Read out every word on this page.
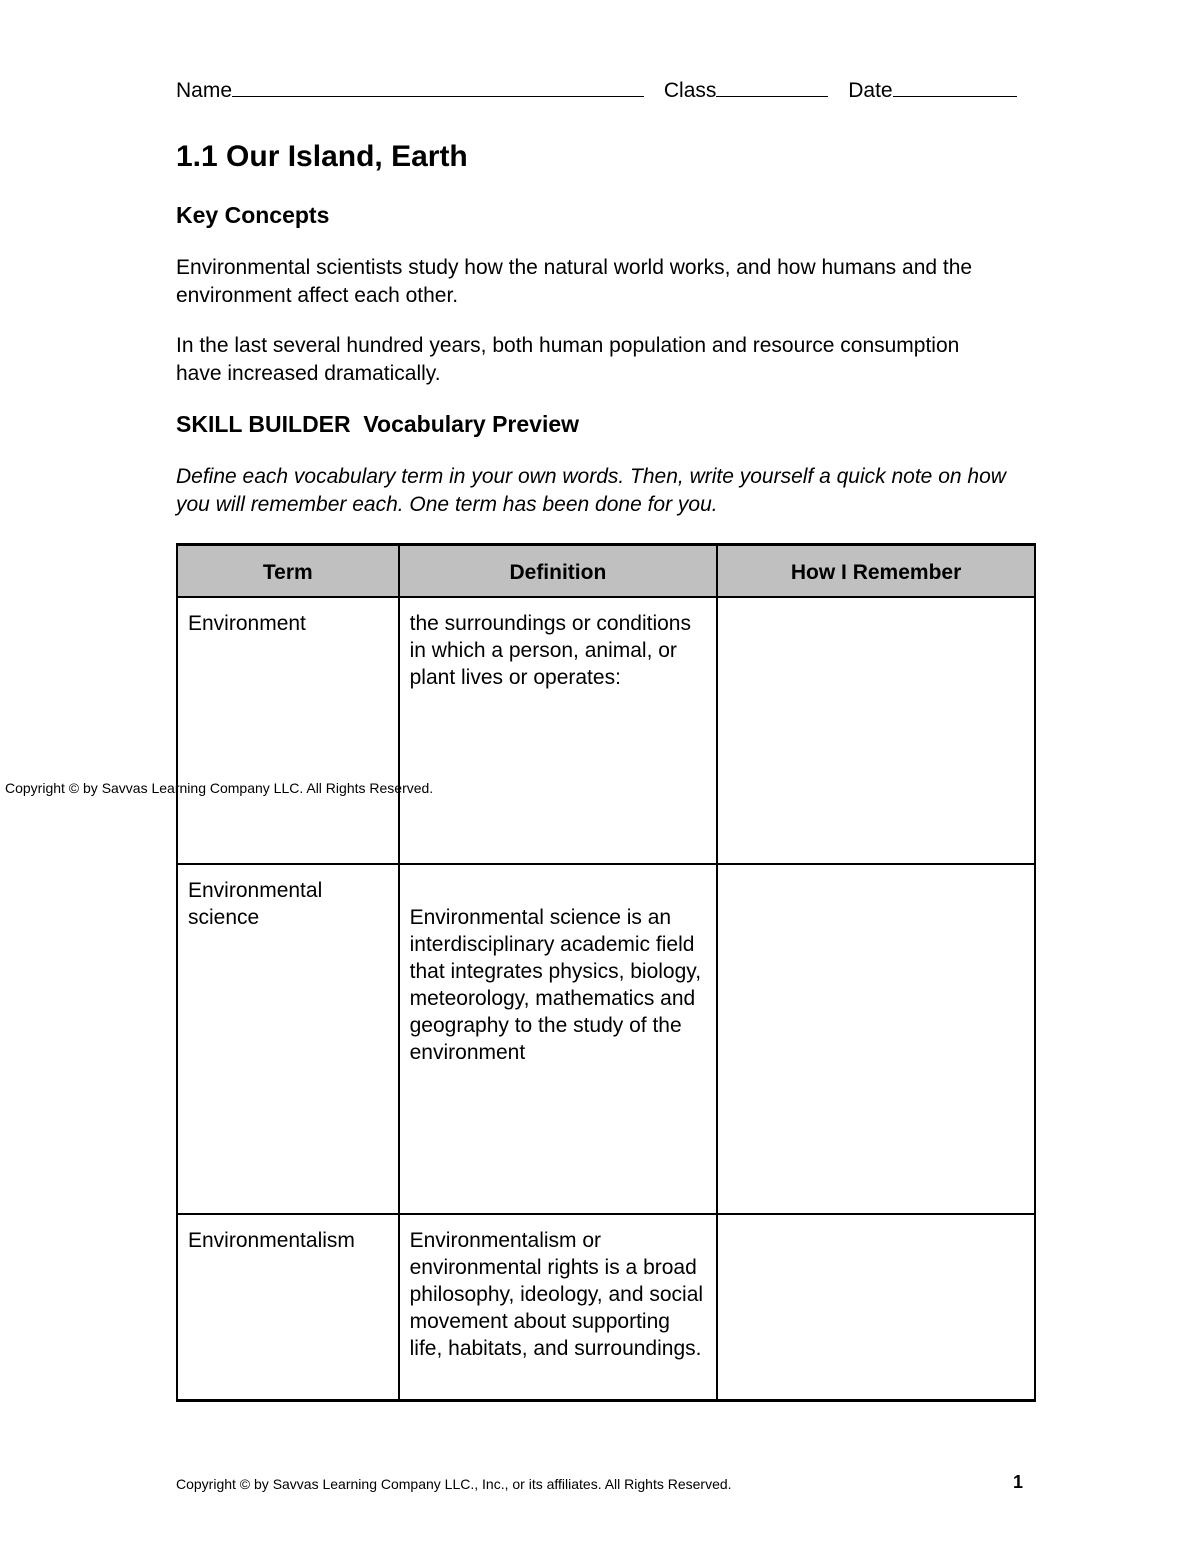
Name	Class	Date
1.1 Our Island, Earth
Key Concepts

Environmental scientists study how the natural world works, and how humans and the environment affect each other.

In the last several hundred years, both human population and resource consumption have increased dramatically.

SKILL BUILDER  Vocabulary Preview

Define each vocabulary term in your own words. Then, write yourself a quick note on how you will remember each. One term has been done for you.

Term	Definition	How I Remember
Environment	the surroundings or conditions in which a person, animal, or plant lives or operates:	
Environmental science	Environmental science is an interdisciplinary academic field that integrates physics, biology, meteorology, mathematics and geography to the study of the environment	
Environmentalism	Environmentalism or environmental rights is a broad philosophy, ideology, and social movement about supporting life, habitats, and surroundings.	
Copyright © by Savvas Learning Company LLC. All Rights Reserved.
Copyright © by Savvas Learning Company LLC., Inc., or its affiliates. All Rights Reserved.	1
